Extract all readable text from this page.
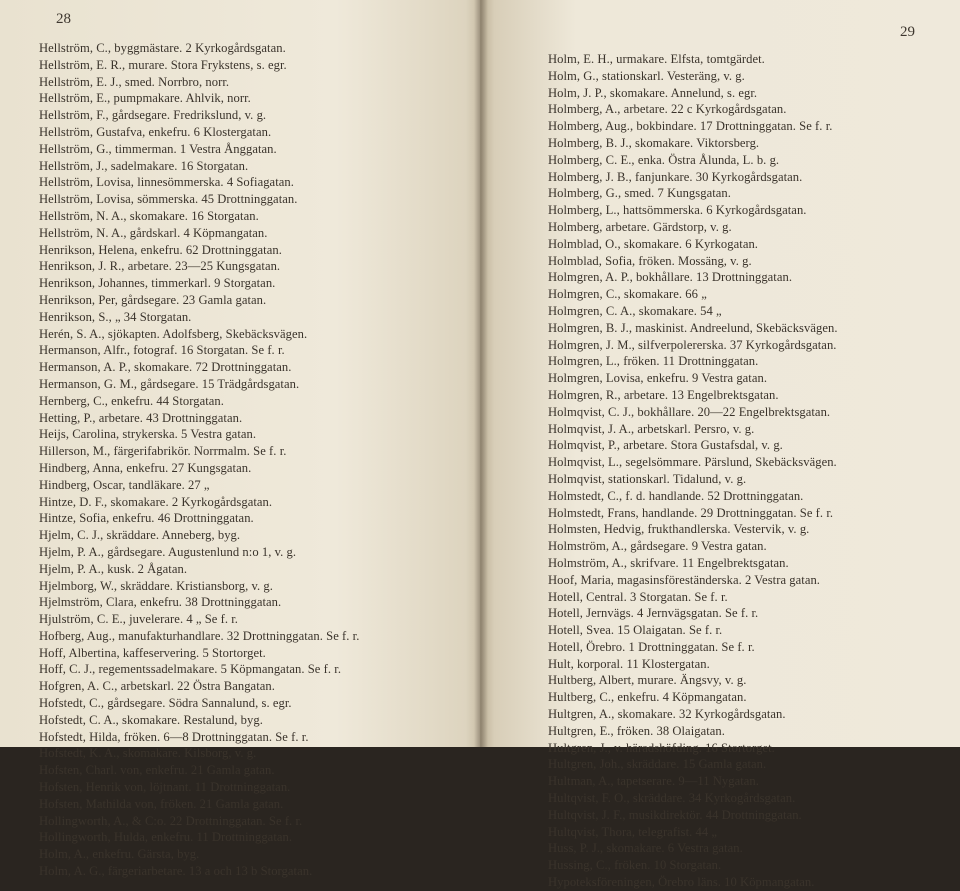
28
Hellström, C., byggmästare. 2 Kyrkogårdsgatan.
Hellström, E. R., murare. Stora Frykstens, s. egr.
Hellström, E. J., smed. Norrbro, norr.
Hellström, E., pumpmakare. Ahlvik, norr.
Hellström, F., gårdsegare. Fredrikslund, v. g.
Hellström, Gustafva, enkefru. 6 Klostergatan.
Hellström, G., timmerman. 1 Vestra Ånggatan.
Hellström, J., sadelmakare. 16 Storgatan.
Hellström, Lovisa, linnesömmerska. 4 Sofiagatan.
Hellström, Lovisa, sömmerska. 45 Drottninggatan.
Hellström, N. A., skomakare. 16 Storgatan.
Hellström, N. A., gårdskarl. 4 Köpmangatan.
Henrikson, Helena, enkefru. 62 Drottninggatan.
Henrikson, J. R., arbetare. 23—25 Kungsgatan.
Henrikson, Johannes, timmerkarl. 9 Storgatan.
Henrikson, Per, gårdsegare. 23 Gamla gatan.
Henrikson, S., „ 34 Storgatan.
Herén, S. A., sjökapten. Adolfsberg, Skebäcksvägen.
Hermanson, Alfr., fotograf. 16 Storgatan. Se f. r.
Hermanson, A. P., skomakare. 72 Drottninggatan.
Hermanson, G. M., gårdsegare. 15 Trädgårdsgatan.
Hernberg, C., enkefru. 44 Storgatan.
Hetting, P., arbetare. 43 Drottninggatan.
Heijs, Carolina, strykerska. 5 Vestra gatan.
Hillerson, M., färgerifabrikör. Norrmalm. Se f. r.
Hindberg, Anna, enkefru. 27 Kungsgatan.
Hindberg, Oscar, tandläkare. 27 „
Hintze, D. F., skomakare. 2 Kyrkogårdsgatan.
Hintze, Sofia, enkefru. 46 Drottninggatan.
Hjelm, C. J., skräddare. Anneberg, byg.
Hjelm, P. A., gårdsegare. Augustenlund n:o 1, v. g.
Hjelm, P. A., kusk. 2 Ågatan.
Hjelmborg, W., skräddare. Kristiansborg, v. g.
Hjelmström, Clara, enkefru. 38 Drottninggatan.
Hjulström, C. E., juvelerare. 4 „ Se f. r.
Hofberg, Aug., manufakturhandlare. 32 Drottninggatan. Se f. r.
Hoff, Albertina, kaffeservering. 5 Stortorget.
Hoff, C. J., regementssadelmakare. 5 Köpmangatan. Se f. r.
Hofgren, A. C., arbetskarl. 22 Östra Bangatan.
Hofstedt, C., gårdsegare. Södra Sannalund, s. egr.
Hofstedt, C. A., skomakare. Restalund, byg.
Hofstedt, Hilda, fröken. 6—8 Drottninggatan. Se f. r.
Hofstedt, K. A., skomakare. Kilsborg, v. g.
Hofsten, Charl. von, enkefru. 21 Gamla gatan.
Hofsten, Henrik von, löjtnant. 11 Drottninggatan.
Hofsten, Mathilda von, fröken. 21 Gamla gatan.
Hollingworth, A., & C:o. 22 Drottninggatan. Se f. r.
Hollingworth, Hulda, enkefru. 11 Drottninggatan.
Holm, A., enkefru. Gärsta, byg.
Holm, A. G., färgeriarbetare. 13 a och 13 b Storgatan.
29
Holm, E. H., urmakare. Elfsta, tomtgärdet.
Holm, G., stationskarl. Vesteräng, v. g.
Holm, J. P., skomakare. Annelund, s. egr.
Holmberg, A., arbetare. 22 c Kyrkogårdsgatan.
Holmberg, Aug., bokbindare. 17 Drottninggatan. Se f. r.
Holmberg, B. J., skomakare. Viktorsberg.
Holmberg, C. E., enka. Östra Ålunda, L. b. g.
Holmberg, J. B., fanjunkare. 30 Kyrkogårdsgatan.
Holmberg, G., smed. 7 Kungsgatan.
Holmberg, L., hattsömmerska. 6 Kyrkogårdsgatan.
Holmberg, arbetare. Gärdstorp, v. g.
Holmblad, O., skomakare. 6 Kyrkogatan.
Holmblad, Sofia, fröken. Mossäng, v. g.
Holmgren, A. P., bokhållare. 13 Drottninggatan.
Holmgren, C., skomakare. 66 „
Holmgren, C. A., skomakare. 54 „
Holmgren, B. J., maskinist. Andreelund, Skebäcksvägen.
Holmgren, J. M., silfverpolererska. 37 Kyrkogårdsgatan.
Holmgren, L., fröken. 11 Drottninggatan.
Holmgren, Lovisa, enkefru. 9 Vestra gatan.
Holmgren, R., arbetare. 13 Engelbrektsgatan.
Holmqvist, C. J., bokhållare. 20—22 Engelbrektsgatan.
Holmqvist, J. A., arbetskarl. Persro, v. g.
Holmqvist, P., arbetare. Stora Gustafsdal, v. g.
Holmqvist, L., segelsömmare. Pärslund, Skebäcksvägen.
Holmqvist, stationskarl. Tidalund, v. g.
Holmstedt, C., f. d. handlande. 52 Drottninggatan.
Holmstedt, Frans, handlande. 29 Drottninggatan. Se f. r.
Holmsten, Hedvig, frukthandlerska. Vestervik, v. g.
Holmström, A., gårdsegare. 9 Vestra gatan.
Holmström, A., skrifvare. 11 Engelbrektsgatan.
Hoof, Maria, magasinsföreständerska. 2 Vestra gatan.
Hotell, Central. 3 Storgatan. Se f. r.
Hotell, Jernvägs. 4 Jernvägsgatan. Se f. r.
Hotell, Svea. 15 Olaigatan. Se f. r.
Hotell, Örebro. 1 Drottninggatan. Se f. r.
Hult, korporal. 11 Klostergatan.
Hultberg, Albert, murare. Ängsvy, v. g.
Hultberg, C., enkefru. 4 Köpmangatan.
Hultgren, A., skomakare. 32 Kyrkogårdsgatan.
Hultgren, E., fröken. 38 Olaigatan.
Hultgren, J., v. häradshöfding. 16 Stortorget.
Hultgren, Joh., skräddare. 15 Gamla gatan.
Hultman, A., tapetserare. 9—11 Nygatan.
Hultqvist, F. O., skräddare. 34 Kyrkogårdsgatan.
Hultqvist, J. F., musikdirektör. 44 Drottninggatan.
Hultqvist, Thora, telegrafist. 44 „
Huss, P. J., skomakare. 6 Vestra gatan.
Hussing, C., fröken. 10 Storgatan.
Hypoteksföreningen, Örebro läns. 10 Köpmangatan.
